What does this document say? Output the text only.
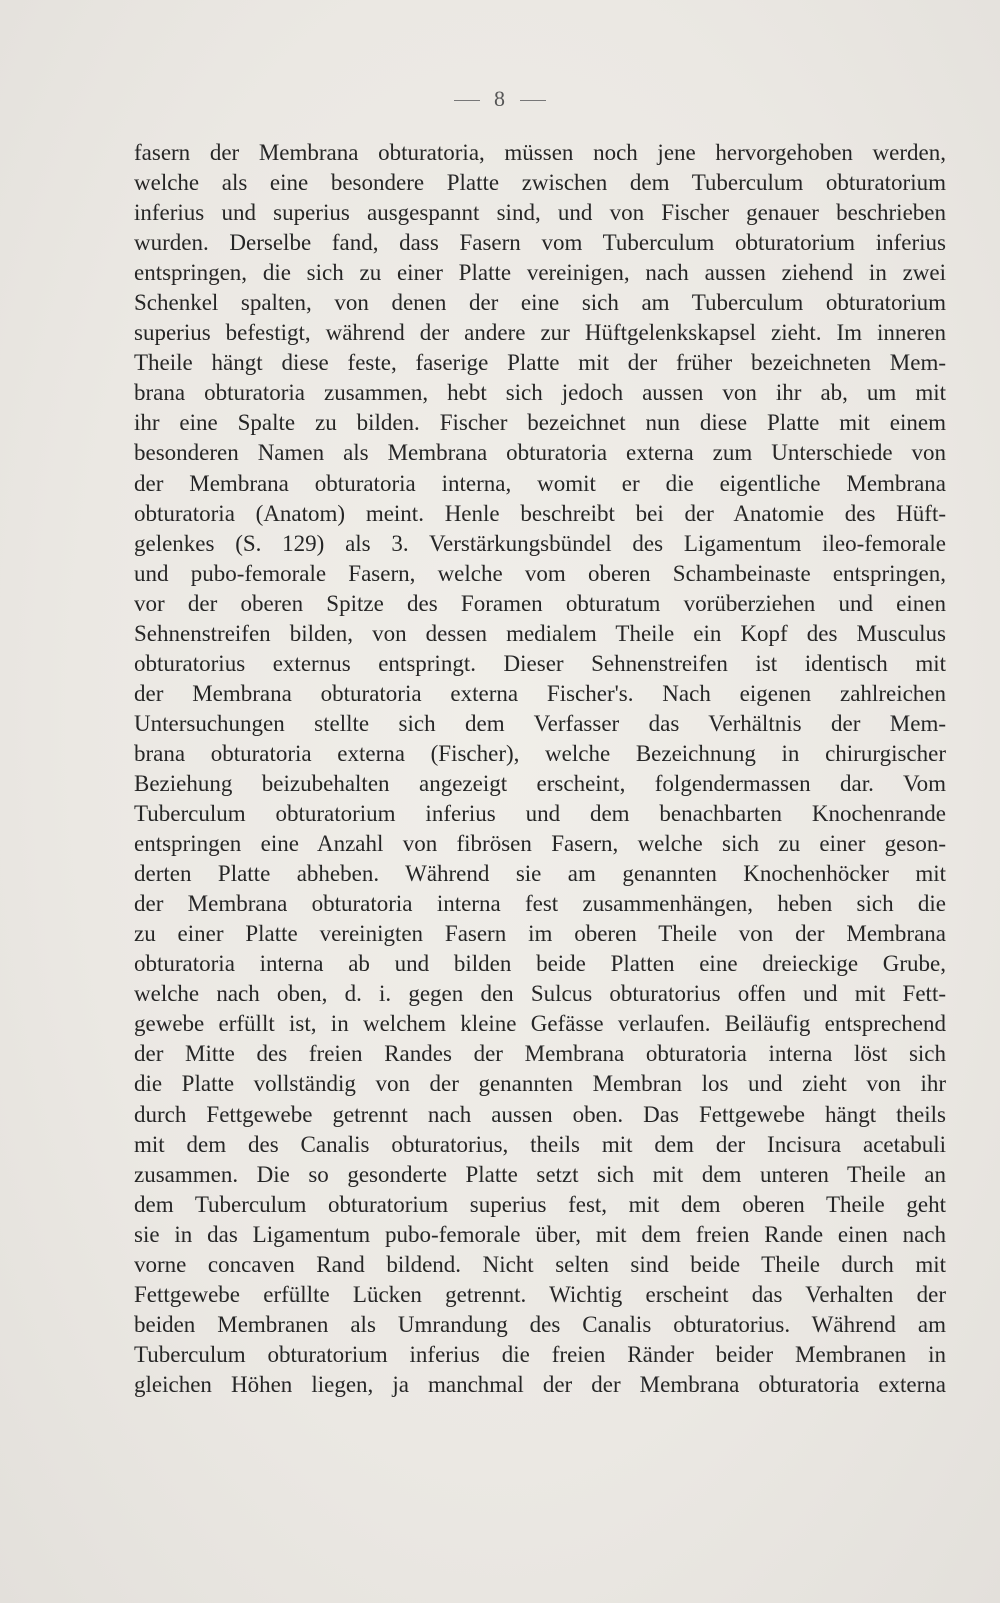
8
fasern der Membrana obturatoria, müssen noch jene hervorgehoben werden,
welche als eine besondere Platte zwischen dem Tuberculum obturatorium
inferius und superius ausgespannt sind, und von Fischer genauer beschrieben
wurden. Derselbe fand, dass Fasern vom Tuberculum obturatorium inferius
entspringen, die sich zu einer Platte vereinigen, nach aussen ziehend in zwei
Schenkel spalten, von denen der eine sich am Tuberculum obturatorium
superius befestigt, während der andere zur Hüftgelenkskapsel zieht. Im inneren
Theile hängt diese feste, faserige Platte mit der früher bezeichneten Mem-
brana obturatoria zusammen, hebt sich jedoch aussen von ihr ab, um mit
ihr eine Spalte zu bilden. Fischer bezeichnet nun diese Platte mit einem
besonderen Namen als Membrana obturatoria externa zum Unterschiede von
der Membrana obturatoria interna, womit er die eigentliche Membrana
obturatoria (Anatom) meint. Henle beschreibt bei der Anatomie des Hüft-
gelenkes (S. 129) als 3. Verstärkungsbündel des Ligamentum ileo-femorale
und pubo-femorale Fasern, welche vom oberen Schambeinaste entspringen,
vor der oberen Spitze des Foramen obturatum vorüberziehen und einen
Sehnenstreifen bilden, von dessen medialem Theile ein Kopf des Musculus
obturatorius externus entspringt. Dieser Sehnenstreifen ist identisch mit
der Membrana obturatoria externa Fischer's. Nach eigenen zahlreichen
Untersuchungen stellte sich dem Verfasser das Verhältnis der Mem-
brana obturatoria externa (Fischer), welche Bezeichnung in chirurgischer
Beziehung beizubehalten angezeigt erscheint, folgendermassen dar. Vom
Tuberculum obturatorium inferius und dem benachbarten Knochenrande
entspringen eine Anzahl von fibrösen Fasern, welche sich zu einer geson-
derten Platte abheben. Während sie am genannten Knochenhöcker mit
der Membrana obturatoria interna fest zusammenhängen, heben sich die
zu einer Platte vereinigten Fasern im oberen Theile von der Membrana
obturatoria interna ab und bilden beide Platten eine dreieckige Grube,
welche nach oben, d. i. gegen den Sulcus obturatorius offen und mit Fett-
gewebe erfüllt ist, in welchem kleine Gefässe verlaufen. Beiläufig entsprechend
der Mitte des freien Randes der Membrana obturatoria interna löst sich
die Platte vollständig von der genannten Membran los und zieht von ihr
durch Fettgewebe getrennt nach aussen oben. Das Fettgewebe hängt theils
mit dem des Canalis obturatorius, theils mit dem der Incisura acetabuli
zusammen. Die so gesonderte Platte setzt sich mit dem unteren Theile an
dem Tuberculum obturatorium superius fest, mit dem oberen Theile geht
sie in das Ligamentum pubo-femorale über, mit dem freien Rande einen nach
vorne concaven Rand bildend. Nicht selten sind beide Theile durch mit
Fettgewebe erfüllte Lücken getrennt. Wichtig erscheint das Verhalten der
beiden Membranen als Umrandung des Canalis obturatorius. Während am
Tuberculum obturatorium inferius die freien Ränder beider Membranen in
gleichen Höhen liegen, ja manchmal der der Membrana obturatoria externa
